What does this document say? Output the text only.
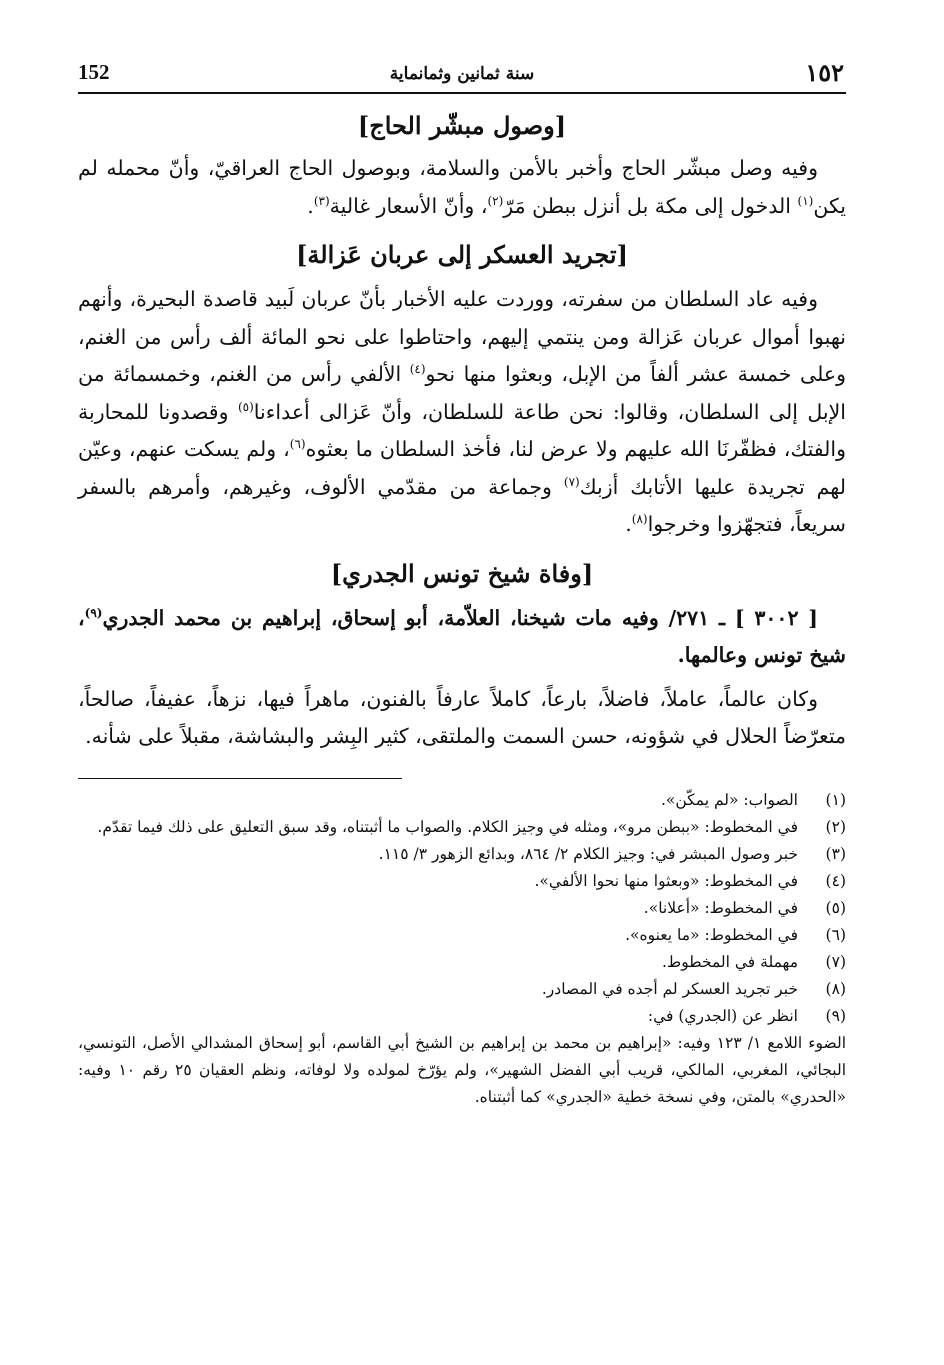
152	سنة ثمانين وثمانماية	١٥٢
[وصول مبشّر الحاج]

وفيه وصل مبشّر الحاج وأخبر بالأمن والسلامة، وبوصول الحاج العراقيّ، وأنّ محمله لم يكن$^{(١)}$ الدخول إلى مكة بل أنزل ببطن مَرّ$^{(٢)}$، وأنّ الأسعار غالية$^{(٣)}$.

[تجريد العسكر إلى عربان عَزالة]

وفيه عاد السلطان من سفرته، ووردت عليه الأخبار بأنّ عربان لَبيد قاصدة البحيرة، وأنهم نهبوا أموال عربان عَزالة ومن ينتمي إليهم، واحتاطوا على نحو المائة ألف رأس من الغنم، وعلى خمسة عشر ألفاً من الإبل، وبعثوا منها نحو$^{(٤)}$ الألفي رأس من الغنم، وخمسمائة من الإبل إلى السلطان، وقالوا: نحن طاعة للسلطان، وأنّ عَزالى أعداءنا$^{(٥)}$ وقصدونا للمحاربة والفتك، فظفّرنَا الله عليهم ولا عرض لنا، فأخذ السلطان ما بعثوه$^{(٦)}$، ولم يسكت عنهم، وعيّن لهم تجريدة عليها الأتابك أزبك$^{(٧)}$ وجماعة من مقدّمي الألوف، وغيرهم، وأمرهم بالسفر سريعاً، فتجهّزوا وخرجوا$^{(٨)}$.

[وفاة شيخ تونس الجدري]

[ ٣٠٠٢ ] ـ ٢٧١/ وفيه مات شيخنا، العلاّمة، أبو إسحاق، إبراهيم بن محمد الجدري$^{(٩)}$، شيخ تونس وعالمها.

وكان عالماً، عاملاً، فاضلاً، بارعاً، كاملاً عارفاً بالفنون، ماهراً فيها، نزهاً، عفيفاً، صالحاً، متعرّضاً الحلال في شؤونه، حسن السمت والملتقى، كثير البِشر والبشاشة، مقبلاً على شأنه.

(١)
الصواب: «لم يمكّن».
(٢)
في المخطوط: «ببطن مرو»، ومثله في وجيز الكلام. والصواب ما أثبتناه، وقد سبق التعليق على ذلك فيما تقدّم.
(٣)
خبر وصول المبشر في: وجيز الكلام ٢/ ٨٦٤، وبدائع الزهور ٣/ ١١٥.
(٤)
في المخطوط: «وبعثوا منها نحوا الألفي».
(٥)
في المخطوط: «أعلانا».
(٦)
في المخطوط: «ما يعنوه».
(٧)
مهملة في المخطوط.
(٨)
خبر تجريد العسكر لم أجده في المصادر.
(٩)
انظر عن (الجدري) في:
الضوء اللامع ١/ ١٢٣ وفيه: «إبراهيم بن محمد بن إبراهيم بن الشيخ أبي القاسم، أبو إسحاق المشدالي الأصل، التونسي، البجائي، المغربي، المالكي، قريب أبي الفضل الشهير»، ولم يؤرّخ لمولده ولا لوفاته، ونظم العقيان ٢٥ رقم ١٠ وفيه: «الحدري» بالمتن، وفي نسخة خطية «الجدري» كما أثبتناه.
